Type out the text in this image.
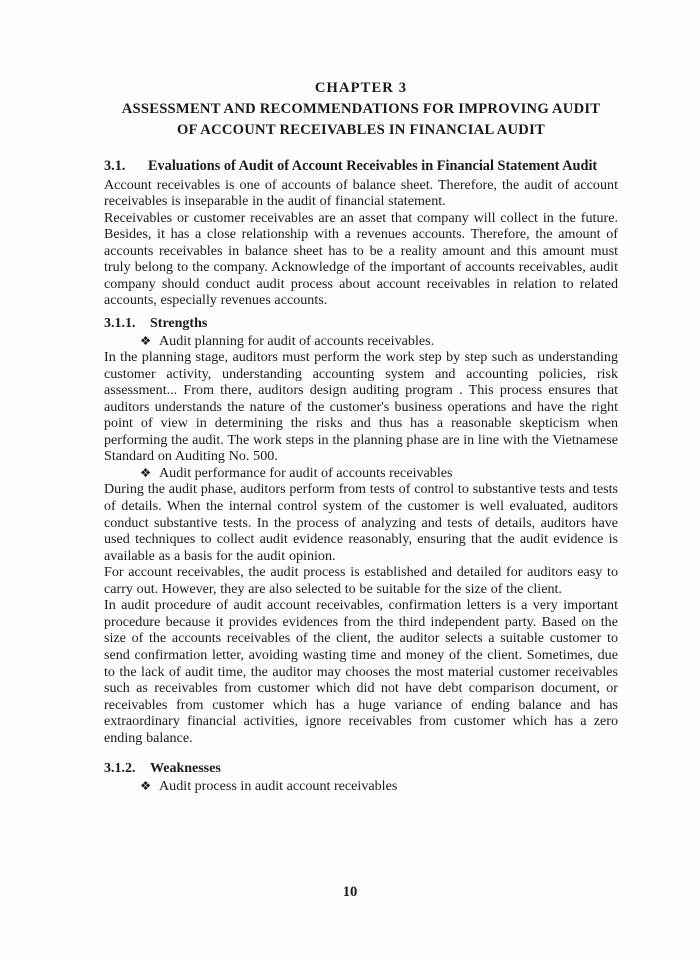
CHAPTER 3
ASSESSMENT AND RECOMMENDATIONS FOR IMPROVING AUDIT
OF ACCOUNT RECEIVABLES IN FINANCIAL AUDIT
3.1.	Evaluations of Audit of Account Receivables in Financial Statement Audit

Account receivables is one of accounts of balance sheet. Therefore, the audit of account receivables is inseparable in the audit of financial statement.

Receivables or customer receivables are an asset that company will collect in the future. Besides, it has a close relationship with a revenues accounts. Therefore, the amount of accounts receivables in balance sheet has to be a reality amount and this amount must truly belong to the company. Acknowledge of the important of accounts receivables, audit company should conduct audit process about account receivables in relation to related accounts, especially revenues accounts.

3.1.1.	Strengths
❖ Audit planning for audit of accounts receivables.

In the planning stage, auditors must perform the work step by step such as understanding customer activity, understanding accounting system and accounting policies, risk assessment... From there, auditors design auditing program . This process ensures that auditors understands the nature of the customer's business operations and have the right point of view in determining the risks and thus has a reasonable skepticism when performing the audit. The work steps in the planning phase are in line with the Vietnamese Standard on Auditing No. 500.

❖ Audit performance for audit of accounts receivables

During the audit phase, auditors perform from tests of control to substantive tests and tests of details. When the internal control system of the customer is well evaluated, auditors conduct substantive tests. In the process of analyzing and tests of details, auditors have used techniques to collect audit evidence reasonably, ensuring that the audit evidence is available as a basis for the audit opinion.

For account receivables, the audit process is established and detailed for auditors easy to carry out. However, they are also selected to be suitable for the size of the client.

In audit procedure of audit account receivables, confirmation letters is a very important procedure because it provides evidences from the third independent party. Based on the size of the accounts receivables of the client, the auditor selects a suitable customer to send confirmation letter, avoiding wasting time and money of the client. Sometimes, due to the lack of audit time, the auditor may chooses the most material customer receivables such as receivables from customer which did not have debt comparison document, or receivables from customer which has a huge variance of ending balance and has extraordinary financial activities, ignore receivables from customer which has a zero ending balance.

3.1.2.	Weaknesses
❖ Audit process in audit account receivables
10
